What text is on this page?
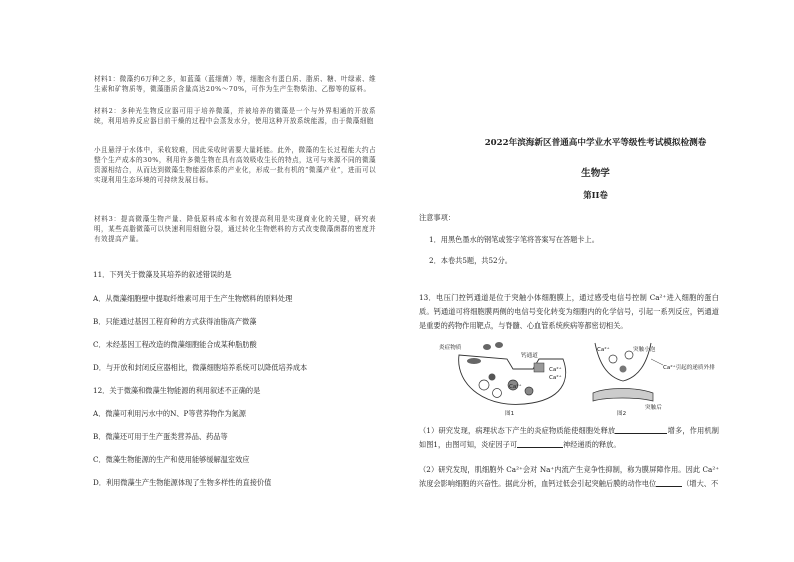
材料1：微藻约6万种之多，如蓝藻（蓝细菌）等，细胞含有蛋白质、脂质、糖、叶绿素、维生素和矿物质等，微藻脂质含量高达20%～70%，可作为生产生物柴油、乙醇等的原料。

材料2：多种光生物反应器可用于培养微藻，并被培养的微藻是一个与外界相通的开放系统，利用培养反应器目前干燥的过程中会蒸发水分，使用这种开放系统能源，由于微藻细胞

小且悬浮于水体中，采收较难，因此采收时需要大量耗能。此外，微藻的生长过程能大约占整个生产成本的30%，利用许多微生物在具有高效吸收生长的特点，这可与来源不同的微藻资源相结合，从而达到微藻生物能源体系的产业化，形成一批有机的“微藻产业”，进而可以实现利用生态环境的可持续发展目标。

材料3：提高微藻生物产量、降低原料成本和有效提高利用是实现商业化的关键，研究表明，某些高脂微藻可以快速利用细胞分裂，通过转化生物燃料的方式改变微藻菌群的密度并有效提高产量。

11．下列关于微藻及其培养的叙述错误的是

A．从微藻细胞壁中提取纤维素可用于生产生物燃料的原料处理

B．只能通过基因工程育种的方式获得油脂高产微藻

C．未经基因工程改造的微藻细胞能合成某种脂肪酸

D．与开放和封闭反应器相比，微藻细胞培养系统可以降低培养成本

12．关于微藻和微藻生物能源的利用叙述不正确的是

A．微藻可利用污水中的N、P等营养物作为氮源

B．微藻还可用于生产蛋类营养品、药品等

C．微藻生物能源的生产和使用能够缓解温室效应

D．利用微藻生产生物能源体现了生物多样性的直接价值

2022年滨海新区普通高中学业水平等级性考试模拟检测卷

生物学

第II卷

注意事项：

1．用黑色墨水的钢笔或签字笔将答案写在答题卡上。

2．本卷共5题，共52分。

13．电压门控钙通道是位于突触小体细胞膜上，通过感受电信号控制 Ca²⁺进入细胞的蛋白质。钙通道可将细胞膜两侧的电信号变化转变为细胞内的化学信号，引起一系列反应，钙通道是重要的药物作用靶点，与脊髓、心血管系统疾病等都密切相关。

炎症物质
钙通道
Ca²⁺
Ca²⁺
Ca²⁺
图1
突触小泡
Ca²⁺
Ca²⁺引起的递质外排
突触后
图2

（1）研究发现，病理状态下产生的炎症物质能使细胞处释放	增多，作用机制如图1，由图可知，炎症因子可	神经递质的释放。

（2）研究发现，肌细胞外 Ca²⁺会对 Na⁺内流产生竞争性抑制，称为膜屏障作用。因此 Ca²⁺浓度会影响细胞的兴奋性。据此分析，血钙过低会引起突触后膜的动作电位	（增大、不
